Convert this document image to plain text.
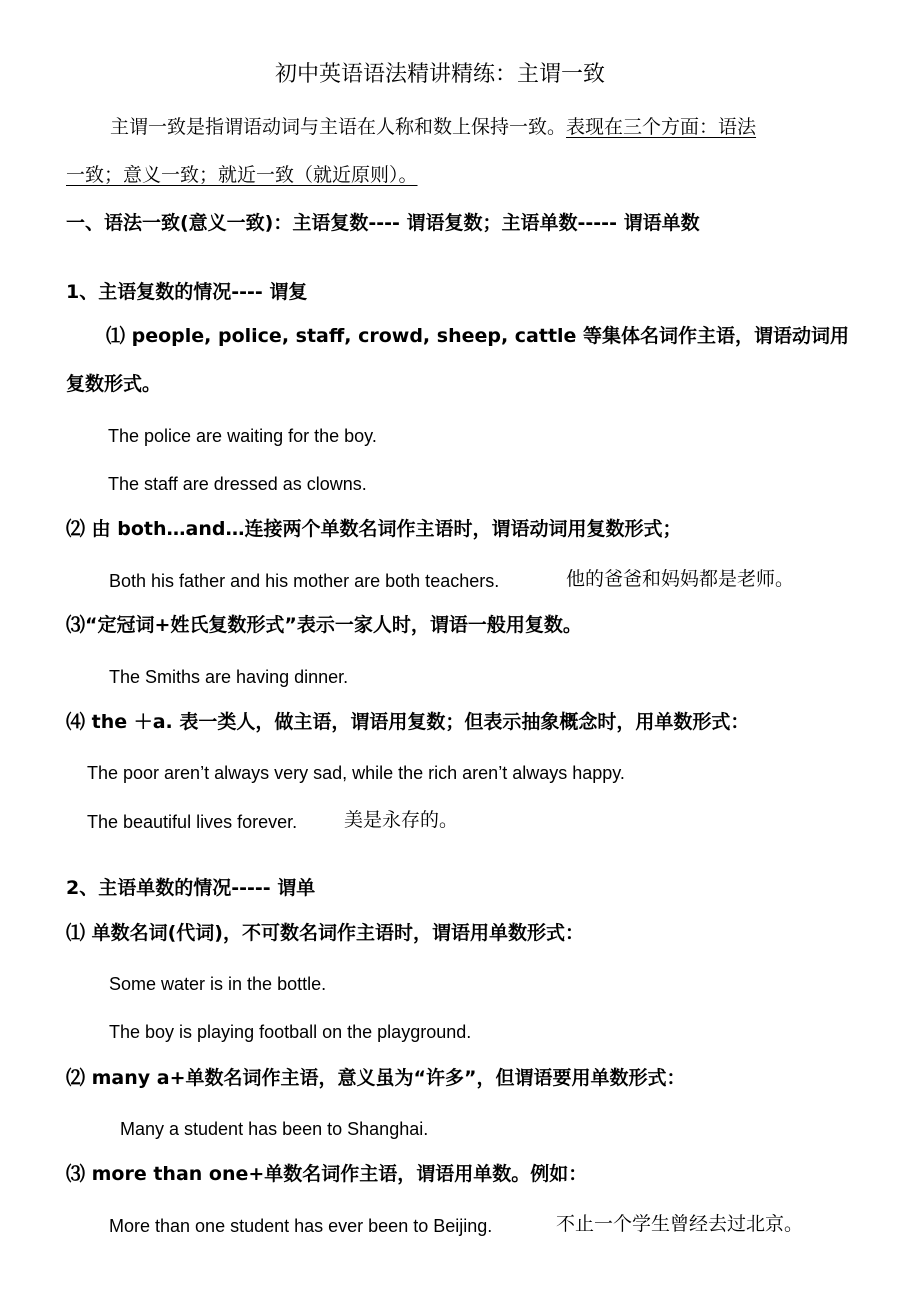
初中英语语法精讲精练：主谓一致
主谓一致是指谓语动词与主语在人称和数上保持一致。表现在三个方面：语法
一致；意义一致；就近一致（就近原则）。
一、语法一致(意义一致)：主语复数---- 谓语复数；主语单数----- 谓语单数
1、主语复数的情况---- 谓复
⑴ people, police, staff, crowd, sheep, cattle 等集体名词作主语，谓语动词用
复数形式。
The police are waiting for the boy.
The staff are dressed as clowns.
⑵ 由 both…and…连接两个单数名词作主语时，谓语动词用复数形式；
Both his father and his mother are both teachers.	他的爸爸和妈妈都是老师。
⑶“定冠词+姓氏复数形式”表示一家人时，谓语一般用复数。
The Smiths are having dinner.
⑷ the ＋a. 表一类人，做主语，谓语用复数；但表示抽象概念时，用单数形式：
The poor aren’t always very sad, while the rich aren’t always happy.
The beautiful lives forever. 美是永存的。
2、主语单数的情况----- 谓单
⑴ 单数名词(代词)，不可数名词作主语时，谓语用单数形式：
Some water is in the bottle.
The boy is playing football on the playground.
⑵ many a+单数名词作主语，意义虽为“许多”，但谓语要用单数形式：
Many a student has been to Shanghai.
⑶ more than one+单数名词作主语，谓语用单数。例如：
More than one student has ever been to Beijing.	不止一个学生曾经去过北京。
